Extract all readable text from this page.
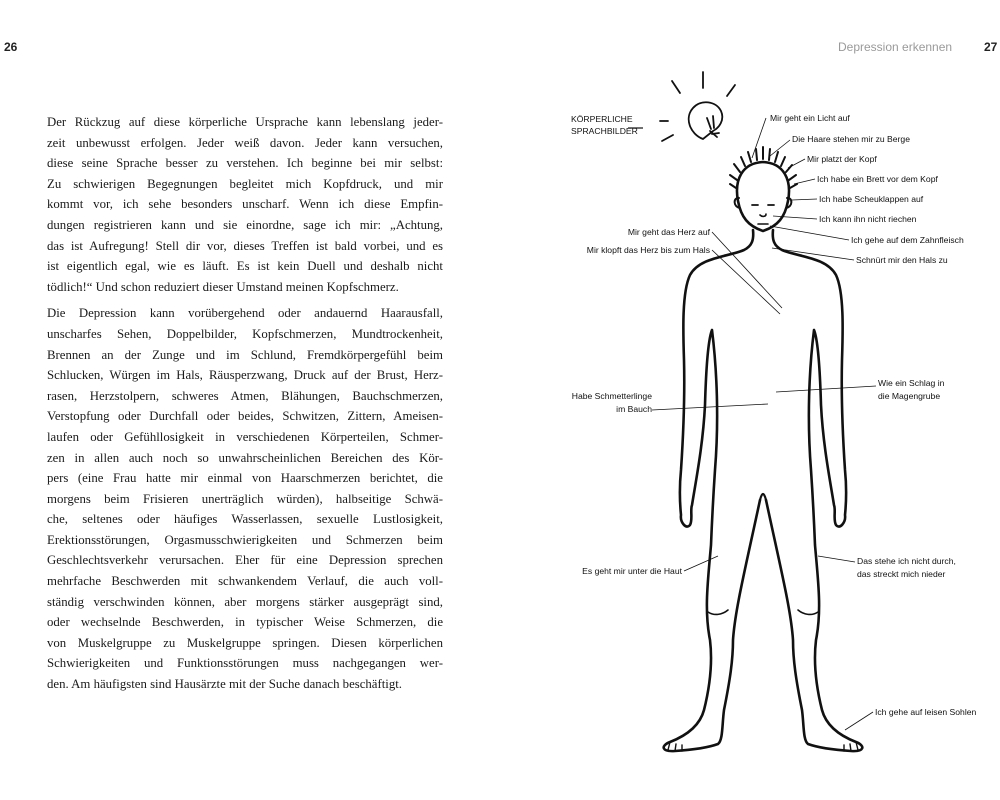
26	Depression erkennen	27

Der Rückzug auf diese körperliche Ursprache kann lebenslang jeder-
zeit unbewusst erfolgen. Jeder weiß davon. Jeder kann versuchen,
diese seine Sprache besser zu verstehen. Ich beginne bei mir selbst:
Zu schwierigen Begegnungen begleitet mich Kopfdruck, und mir
kommt vor, ich sehe besonders unscharf. Wenn ich diese Empfin-
dungen registrieren kann und sie einordne, sage ich mir: „Achtung,
das ist Aufregung! Stell dir vor, dieses Treffen ist bald vorbei, und es
ist eigentlich egal, wie es läuft. Es ist kein Duell und deshalb nicht
tödlich!“ Und schon reduziert dieser Umstand meinen Kopfschmerz.

Die Depression kann vorübergehend oder andauernd Haarausfall,
unscharfes Sehen, Doppelbilder, Kopfschmerzen, Mundtrockenheit,
Brennen an der Zunge und im Schlund, Fremdkörpergefühl beim
Schlucken, Würgen im Hals, Räusperzwang, Druck auf der Brust, Herz-
rasen, Herzstolpern, schweres Atmen, Blähungen, Bauchschmerzen,
Verstopfung oder Durchfall oder beides, Schwitzen, Zittern, Ameisen-
laufen oder Gefühllosigkeit in verschiedenen Körperteilen, Schmer-
zen in allen auch noch so unwahrscheinlichen Bereichen des Kör-
pers (eine Frau hatte mir einmal von Haarschmerzen berichtet, die
morgens beim Frisieren unerträglich würden), halbseitige Schwä-
che, seltenes oder häufiges Wasserlassen, sexuelle Lustlosigkeit,
Erektionsstörungen, Orgasmusschwierigkeiten und Schmerzen beim
Geschlechtsverkehr verursachen. Eher für eine Depression sprechen
mehrfache Beschwerden mit schwankendem Verlauf, die auch voll-
ständig verschwinden können, aber morgens stärker ausgeprägt sind,
oder wechselnde Beschwerden, in typischer Weise Schmerzen, die
von Muskelgruppe zu Muskelgruppe springen. Diesen körperlichen
Schwierigkeiten und Funktionsstörungen muss nachgegangen wer-
den. Am häufigsten sind Hausärzte mit der Suche danach beschäftigt.

KÖRPERLICHE
SPRACHBILDER
Mir geht ein Licht auf
Die Haare stehen mir zu Berge
Mir platzt der Kopf
Ich habe ein Brett vor dem Kopf
Ich habe Scheuklappen auf
Ich kann ihn nicht riechen
Ich gehe auf dem Zahnfleisch
Schnürt mir den Hals zu
Mir geht das Herz auf
Mir klopft das Herz bis zum Hals
Wie ein Schlag in
die Magengrube
Habe Schmetterlinge
im Bauch
Das stehe ich nicht durch,
das streckt mich nieder
Es geht mir unter die Haut
Ich gehe auf leisen Sohlen
